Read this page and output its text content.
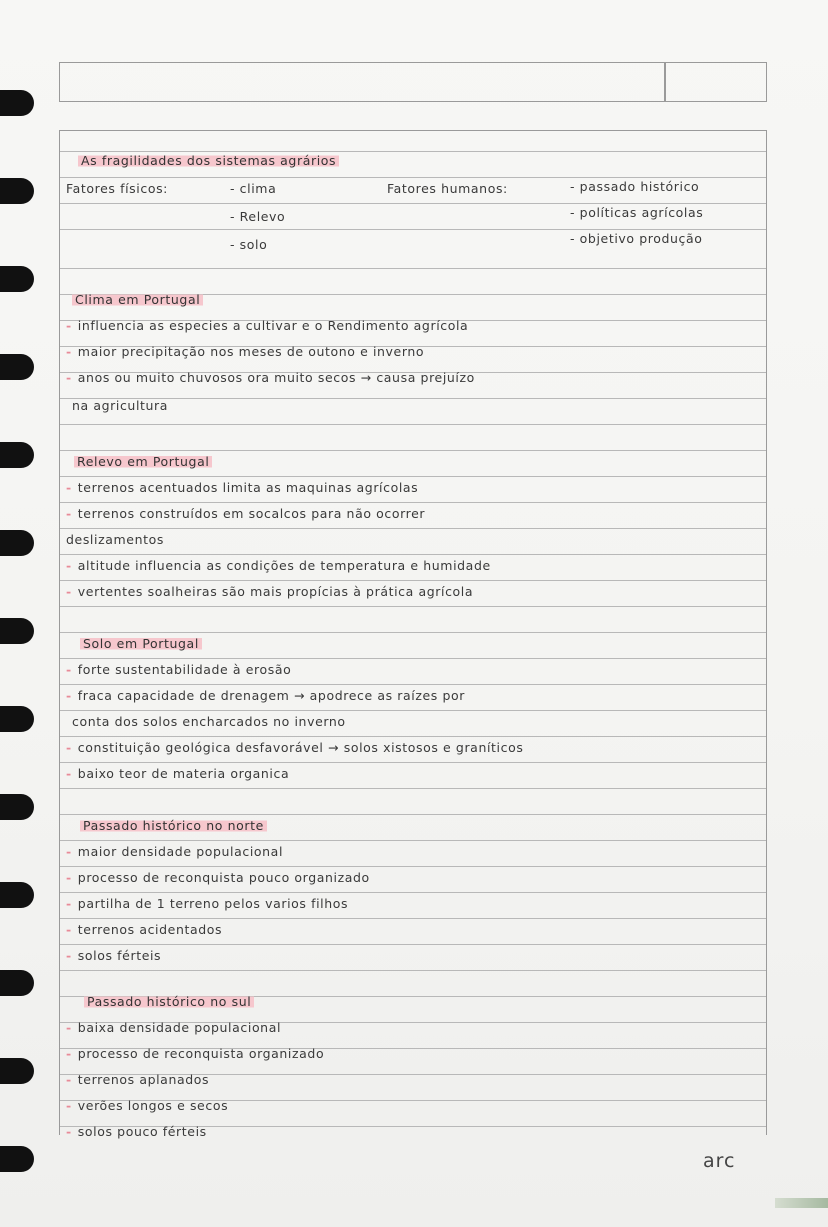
As fragilidades dos sistemas agrários
Fatores físicos:	- clima
- Relevo
- solo
Fatores humanos:	- passado histórico
- políticas agrícolas
- objetivo produção
Clima em Portugal
- influencia as especies a cultivar e o Rendimento agrícola
- maior precipitação nos meses de outono e inverno
- anos ou muito chuvosos ora muito secos → causa prejuízo
na agricultura
Relevo em Portugal
- terrenos acentuados limita as maquinas agrícolas
- terrenos construídos em socalcos para não ocorrer
deslizamentos
- altitude influencia as condições de temperatura e humidade
- vertentes soalheiras são mais propícias à prática agrícola
Solo em Portugal
- forte sustentabilidade à erosão
- fraca capacidade de drenagem → apodrece as raízes por
conta dos solos encharcados no inverno
- constituição geológica desfavorável → solos xistosos e graníticos
- baixo teor de materia organica
Passado histórico no norte
- maior densidade populacional
- processo de reconquista pouco organizado
- partilha de 1 terreno pelos varios filhos
- terrenos acidentados
- solos férteis
Passado histórico no sul
- baixa densidade populacional
- processo de reconquista organizado
- terrenos aplanados
- verões longos e secos
- solos pouco férteis
arc
